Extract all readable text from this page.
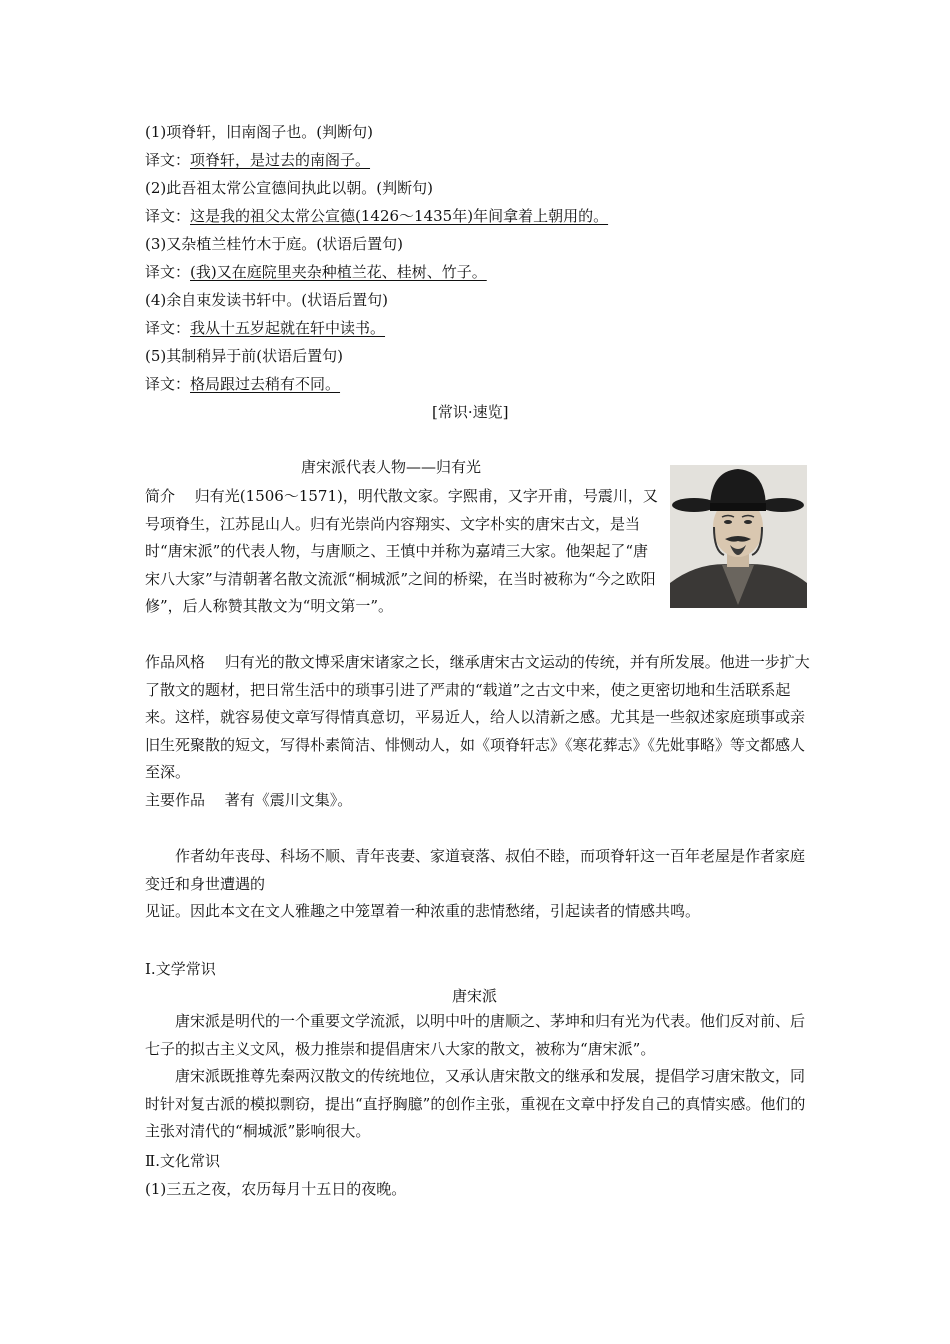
(1)项脊轩，旧南阁子也。(判断句)
译文：项脊轩，是过去的南阁子。
(2)此吾祖太常公宣德间执此以朝。(判断句)
译文：这是我的祖父太常公宣德(1426～1435年)年间拿着上朝用的。
(3)又杂植兰桂竹木于庭。(状语后置句)
译文：(我)又在庭院里夹杂种植兰花、桂树、竹子。
(4)余自束发读书轩中。(状语后置句)
译文：我从十五岁起就在轩中读书。
(5)其制稍异于前(状语后置句)
译文：格局跟过去稍有不同。
[常识·速览]
唐宋派代表人物——归有光
简介　 归有光(1506～1571)，明代散文家。字熙甫，又字开甫，号震川，又号项脊生，江苏昆山人。归有光崇尚内容翔实、文字朴实的唐宋古文，是当时“唐宋派”的代表人物，与唐顺之、王慎中并称为嘉靖三大家。他架起了“唐宋八大家”与清朝著名散文流派“桐城派”之间的桥梁，在当时被称为“今之欧阳修”，后人称赞其散文为“明文第一”。
作品风格　 归有光的散文博采唐宋诸家之长，继承唐宋古文运动的传统，并有所发展。他进一步扩大了散文的题材，把日常生活中的琐事引进了严肃的“载道”之古文中来，使之更密切地和生活联系起来。这样，就容易使文章写得情真意切，平易近人，给人以清新之感。尤其是一些叙述家庭琐事或亲旧生死聚散的短文，写得朴素简洁、悱恻动人，如《项脊轩志》《寒花葬志》《先妣事略》等文都感人至深。
主要作品　 著有《震川文集》。
作者幼年丧母、科场不顺、青年丧妻、家道衰落、叔伯不睦，而项脊轩这一百年老屋是作者家庭变迁和身世遭遇的
见证。因此本文在文人雅趣之中笼罩着一种浓重的悲情愁绪，引起读者的情感共鸣。
Ⅰ.文学常识
唐宋派
唐宋派是明代的一个重要文学流派，以明中叶的唐顺之、茅坤和归有光为代表。他们反对前、后七子的拟古主义文风，极力推崇和提倡唐宋八大家的散文，被称为“唐宋派”。
唐宋派既推尊先秦两汉散文的传统地位，又承认唐宋散文的继承和发展，提倡学习唐宋散文，同时针对复古派的模拟剽窃，提出“直抒胸臆”的创作主张，重视在文章中抒发自己的真情实感。他们的主张对清代的“桐城派”影响很大。
Ⅱ.文化常识
(1)三五之夜，农历每月十五日的夜晚。
